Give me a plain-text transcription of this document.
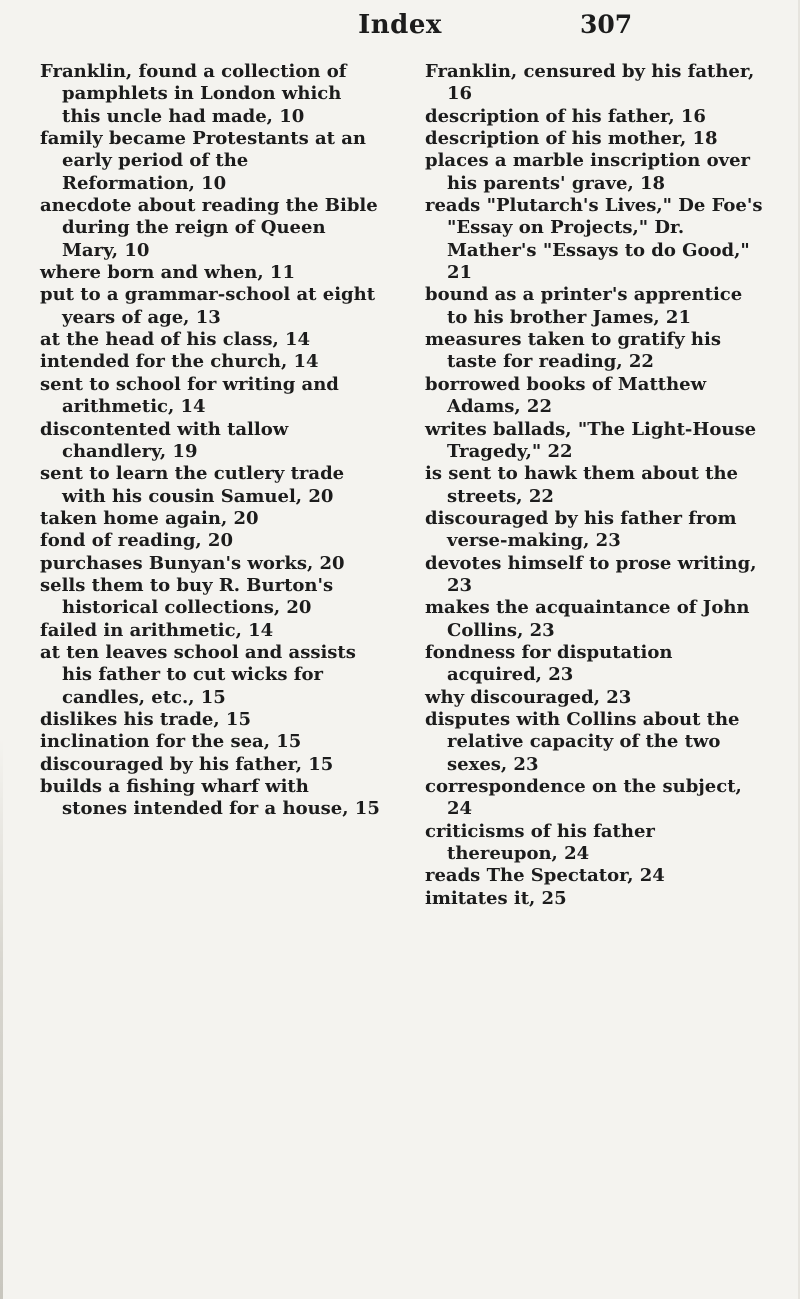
Index	307
Franklin, found a collection of pamphlets in London which this uncle had made, 10
family became Protestants at an early period of the Reformation, 10
anecdote about reading the Bible during the reign of Queen Mary, 10
where born and when, 11
put to a grammar-school at eight years of age, 13
at the head of his class, 14
intended for the church, 14
sent to school for writing and arithmetic, 14
discontented with tallow chandlery, 19
sent to learn the cutlery trade with his cousin Samuel, 20
taken home again, 20
fond of reading, 20
purchases Bunyan's works, 20
sells them to buy R. Burton's historical collections, 20
failed in arithmetic, 14
at ten leaves school and assists his father to cut wicks for candles, etc., 15
dislikes his trade, 15
inclination for the sea, 15
discouraged by his father, 15
builds a fishing wharf with stones intended for a house, 15
Franklin, censured by his father, 16
description of his father, 16
description of his mother, 18
places a marble inscription over his parents' grave, 18
reads "Plutarch's Lives," De Foe's "Essay on Projects," Dr. Mather's "Essays to do Good," 21
bound as a printer's apprentice to his brother James, 21
measures taken to gratify his taste for reading, 22
borrowed books of Matthew Adams, 22
writes ballads, "The Light-House Tragedy," 22
is sent to hawk them about the streets, 22
discouraged by his father from verse-making, 23
devotes himself to prose writing, 23
makes the acquaintance of John Collins, 23
fondness for disputation acquired, 23
why discouraged, 23
disputes with Collins about the relative capacity of the two sexes, 23
correspondence on the subject, 24
criticisms of his father thereupon, 24
reads The Spectator, 24
imitates it, 25
